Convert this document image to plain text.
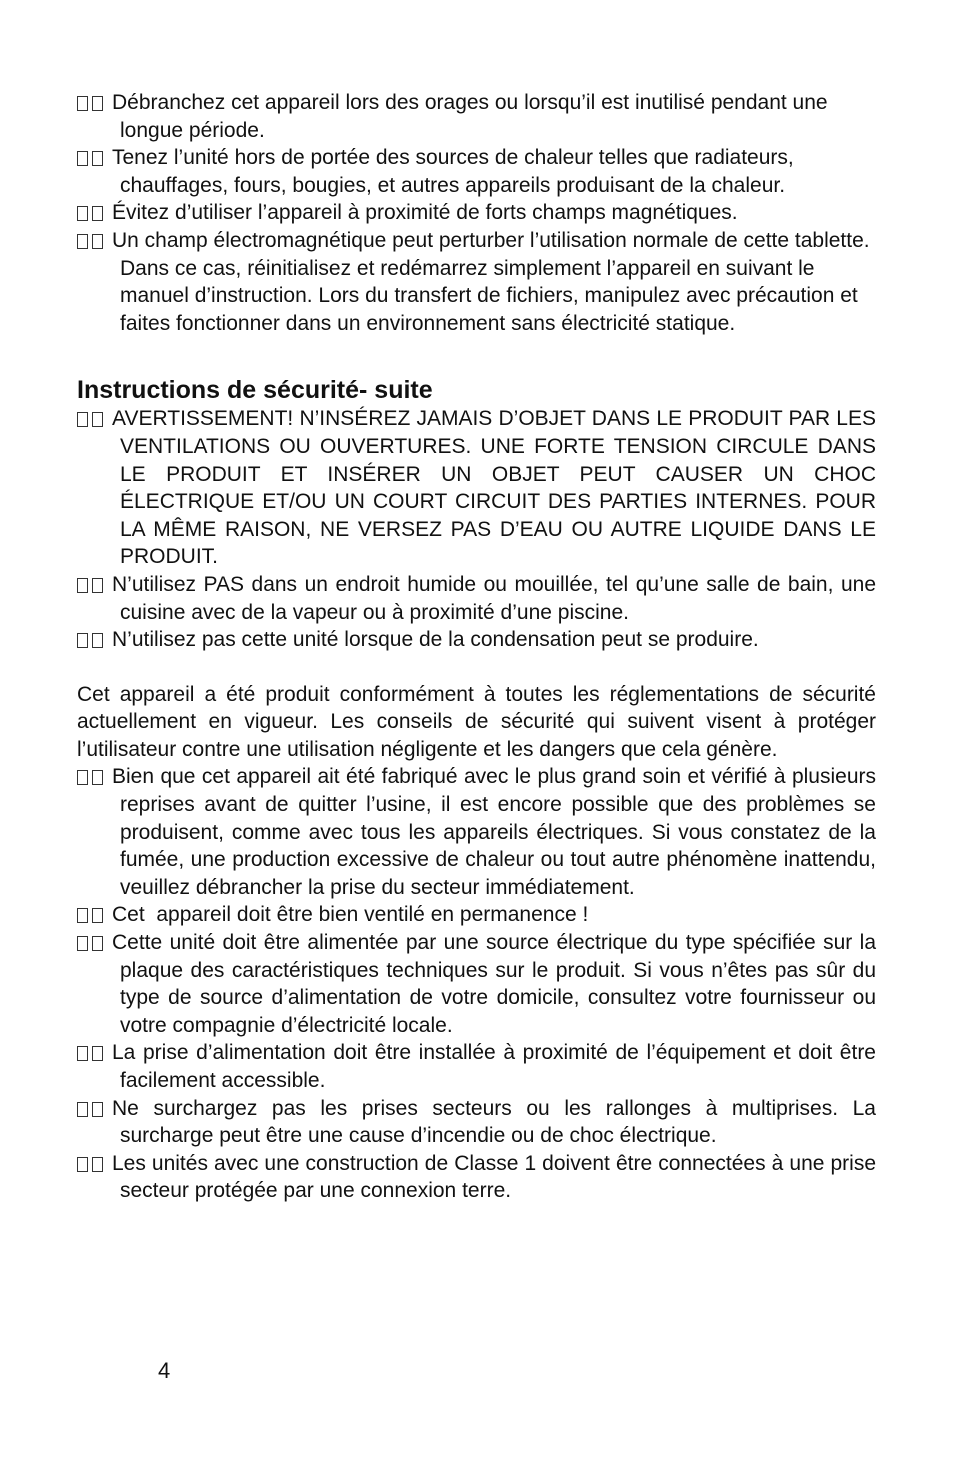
Débranchez cet appareil lors des orages ou lorsqu’il est inutilisé pendant une longue période.
Tenez l’unité hors de portée des sources de chaleur telles que radiateurs, chauffages, fours, bougies, et autres appareils produisant de la chaleur.
Évitez d’utiliser l’appareil à proximité de forts champs magnétiques.
Un champ électromagnétique peut perturber l’utilisation normale de cette tablette. Dans ce cas, réinitialisez et redémarrez simplement l’appareil en suivant le manuel d’instruction. Lors du transfert de fichiers, manipulez avec précaution et faites fonctionner dans un environnement sans électricité statique.
Instructions de sécurité- suite
AVERTISSEMENT! N’INSÉREZ JAMAIS D’OBJET DANS LE PRODUIT PAR LES VENTILATIONS OU OUVERTURES. UNE FORTE TENSION CIRCULE DANS LE PRODUIT ET INSÉRER UN OBJET PEUT CAUSER UN CHOC ÉLECTRIQUE ET/OU UN COURT CIRCUIT DES PARTIES INTERNES. POUR LA MÊME RAISON, NE VERSEZ PAS D’EAU OU AUTRE LIQUIDE DANS LE PRODUIT.
N’utilisez PAS dans un endroit humide ou mouillée, tel qu’une salle de bain, une cuisine avec de la vapeur ou à proximité d’une piscine.
N’utilisez pas cette unité lorsque de la condensation peut se produire.

Cet appareil a été produit conformément à toutes les réglementations de sécurité actuellement en vigueur. Les conseils de sécurité qui suivent visent à protéger l’utilisateur contre une utilisation négligente et les dangers que cela génère.

Bien que cet appareil ait été fabriqué avec le plus grand soin et vérifié à plusieurs reprises avant de quitter l’usine, il est encore possible que des problèmes se produisent, comme avec tous les appareils électriques. Si vous constatez de la fumée, une production excessive de chaleur ou tout autre phénomène inattendu, veuillez débrancher la prise du secteur immédiatement.
Cet  appareil doit être bien ventilé en permanence !
Cette unité doit être alimentée par une source électrique du type spécifiée sur la plaque des caractéristiques techniques sur le produit. Si vous n’êtes pas sûr du type de source d’alimentation de votre domicile, consultez votre fournisseur ou votre compagnie d’électricité locale.
La prise d’alimentation doit être installée à proximité de l’équipement et doit être facilement accessible.
Ne surchargez pas les prises secteurs ou les rallonges à multiprises. La surcharge peut être une cause d’incendie ou de choc électrique.
Les unités avec une construction de Classe 1 doivent être connectées à une prise secteur protégée par une connexion terre.
4
